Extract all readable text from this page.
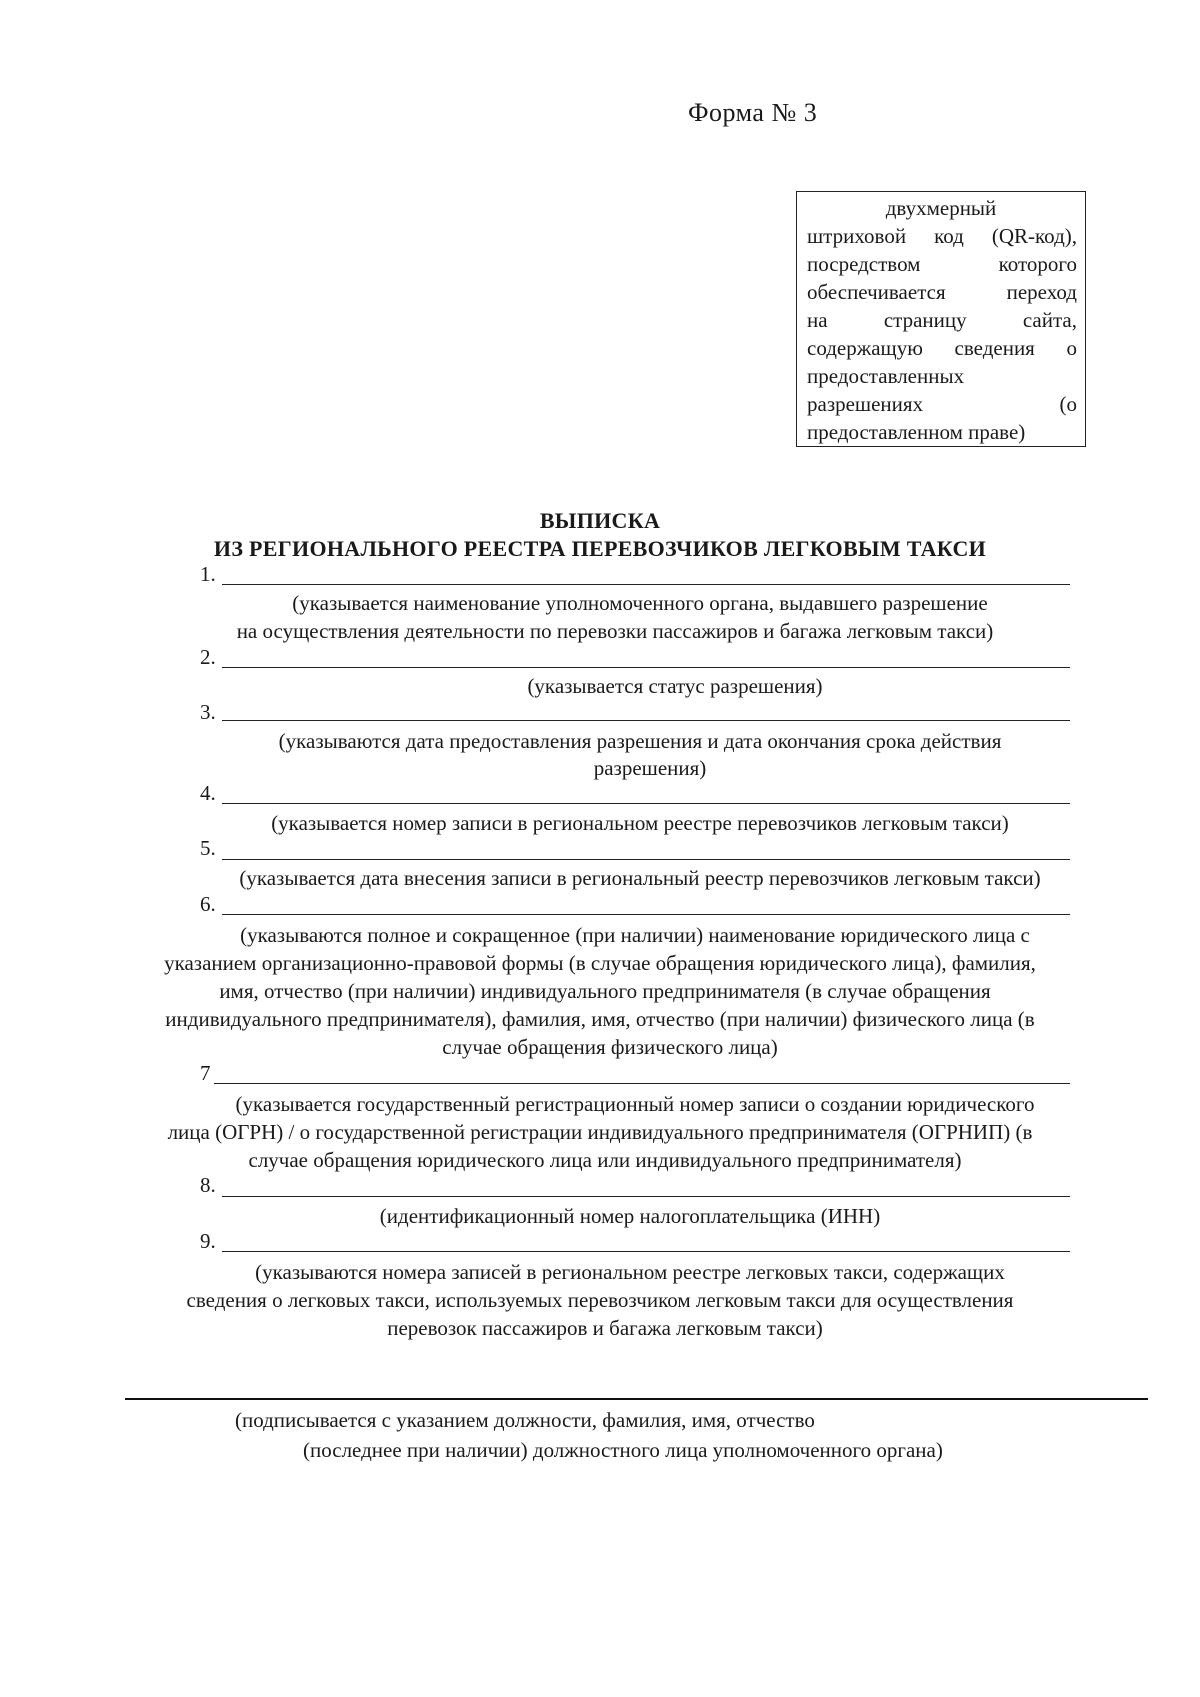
Форма № 3
двухмерный
штриховой код (QR-код),
посредством	которого
обеспечивается	переход
на	страницу	сайта,
содержащую сведения о
предоставленных
разрешениях	(о
предоставленном праве)
ВЫПИСКА
ИЗ РЕГИОНАЛЬНОГО РЕЕСТРА ПЕРЕВОЗЧИКОВ ЛЕГКОВЫМ ТАКСИ
1.
(указывается наименование уполномоченного органа, выдавшего разрешение
на осуществления деятельности по перевозки пассажиров и багажа легковым такси)
2.
(указывается статус разрешения)
3.
(указываются дата предоставления разрешения и дата окончания срока действия
разрешения)
4.
(указывается номер записи в региональном реестре перевозчиков легковым такси)
5.
(указывается дата внесения записи в региональный реестр перевозчиков легковым такси)
6.
(указываются полное и сокращенное (при наличии) наименование юридического лица с
указанием организационно-правовой формы (в случае обращения юридического лица), фамилия,
имя, отчество (при наличии) индивидуального предпринимателя (в случае обращения
индивидуального предпринимателя), фамилия, имя, отчество (при наличии) физического лица (в
случае обращения физического лица)
7
(указывается государственный регистрационный номер записи о создании юридического
лица (ОГРН) / о государственной регистрации индивидуального предпринимателя (ОГРНИП) (в
случае обращения юридического лица или индивидуального предпринимателя)
8.
(идентификационный номер налогоплательщика (ИНН)
9.
(указываются номера записей в региональном реестре легковых такси, содержащих
сведения о легковых такси, используемых перевозчиком легковым такси для осуществления
перевозок пассажиров и багажа легковым такси)
(подписывается с указанием должности, фамилия, имя, отчество
(последнее при наличии) должностного лица уполномоченного органа)
